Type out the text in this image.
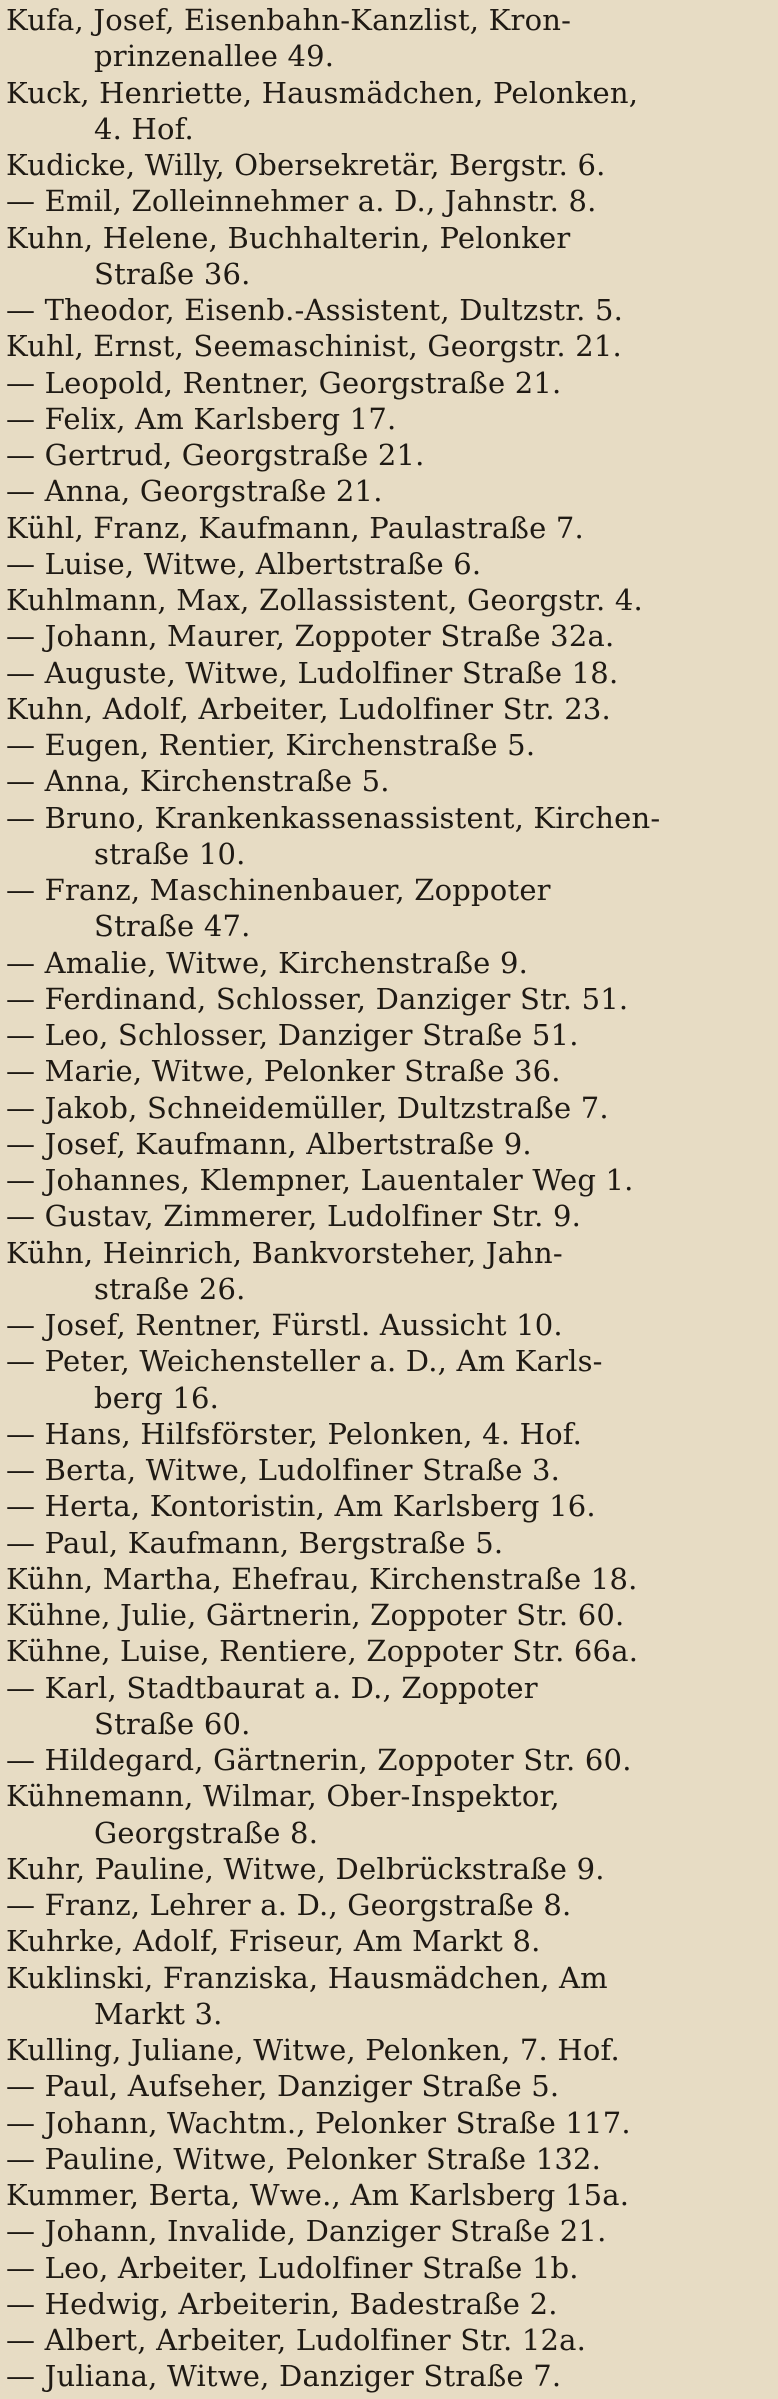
Kufa, Josef, Eisenbahn-Kanzlist, Kron-
prinzenallee 49.
Kuck, Henriette, Hausmädchen, Pelonken,
4. Hof.
Kudicke, Willy, Obersekretär, Bergstr. 6.
— Emil, Zolleinnehmer a. D., Jahnstr. 8.
Kuhn, Helene, Buchhalterin, Pelonker
Straße 36.
— Theodor, Eisenb.-Assistent, Dultzstr. 5.
Kuhl, Ernst, Seemaschinist, Georgstr. 21.
— Leopold, Rentner, Georgstraße 21.
— Felix, Am Karlsberg 17.
— Gertrud, Georgstraße 21.
— Anna, Georgstraße 21.
Kühl, Franz, Kaufmann, Paulastraße 7.
— Luise, Witwe, Albertstraße 6.
Kuhlmann, Max, Zollassistent, Georgstr. 4.
— Johann, Maurer, Zoppoter Straße 32a.
— Auguste, Witwe, Ludolfiner Straße 18.
Kuhn, Adolf, Arbeiter, Ludolfiner Str. 23.
— Eugen, Rentier, Kirchenstraße 5.
— Anna, Kirchenstraße 5.
— Bruno, Krankenkassenassistent, Kirchen-
straße 10.
— Franz, Maschinenbauer, Zoppoter
Straße 47.
— Amalie, Witwe, Kirchenstraße 9.
— Ferdinand, Schlosser, Danziger Str. 51.
— Leo, Schlosser, Danziger Straße 51.
— Marie, Witwe, Pelonker Straße 36.
— Jakob, Schneidemüller, Dultzstraße 7.
— Josef, Kaufmann, Albertstraße 9.
— Johannes, Klempner, Lauentaler Weg 1.
— Gustav, Zimmerer, Ludolfiner Str. 9.
Kühn, Heinrich, Bankvorsteher, Jahn-
straße 26.
— Josef, Rentner, Fürstl. Aussicht 10.
— Peter, Weichensteller a. D., Am Karls-
berg 16.
— Hans, Hilfsförster, Pelonken, 4. Hof.
— Berta, Witwe, Ludolfiner Straße 3.
— Herta, Kontoristin, Am Karlsberg 16.
— Paul, Kaufmann, Bergstraße 5.
Kühn, Martha, Ehefrau, Kirchenstraße 18.
Kühne, Julie, Gärtnerin, Zoppoter Str. 60.
Kühne, Luise, Rentiere, Zoppoter Str. 66a.
— Karl, Stadtbaurat a. D., Zoppoter
Straße 60.
— Hildegard, Gärtnerin, Zoppoter Str. 60.
Kühnemann, Wilmar, Ober-Inspektor,
Georgstraße 8.
Kuhr, Pauline, Witwe, Delbrückstraße 9.
— Franz, Lehrer a. D., Georgstraße 8.
Kuhrke, Adolf, Friseur, Am Markt 8.
Kuklinski, Franziska, Hausmädchen, Am
Markt 3.
Kulling, Juliane, Witwe, Pelonken, 7. Hof.
— Paul, Aufseher, Danziger Straße 5.
— Johann, Wachtm., Pelonker Straße 117.
— Pauline, Witwe, Pelonker Straße 132.
Kummer, Berta, Wwe., Am Karlsberg 15a.
— Johann, Invalide, Danziger Straße 21.
— Leo, Arbeiter, Ludolfiner Straße 1b.
— Hedwig, Arbeiterin, Badestraße 2.
— Albert, Arbeiter, Ludolfiner Str. 12a.
— Juliana, Witwe, Danziger Straße 7.
